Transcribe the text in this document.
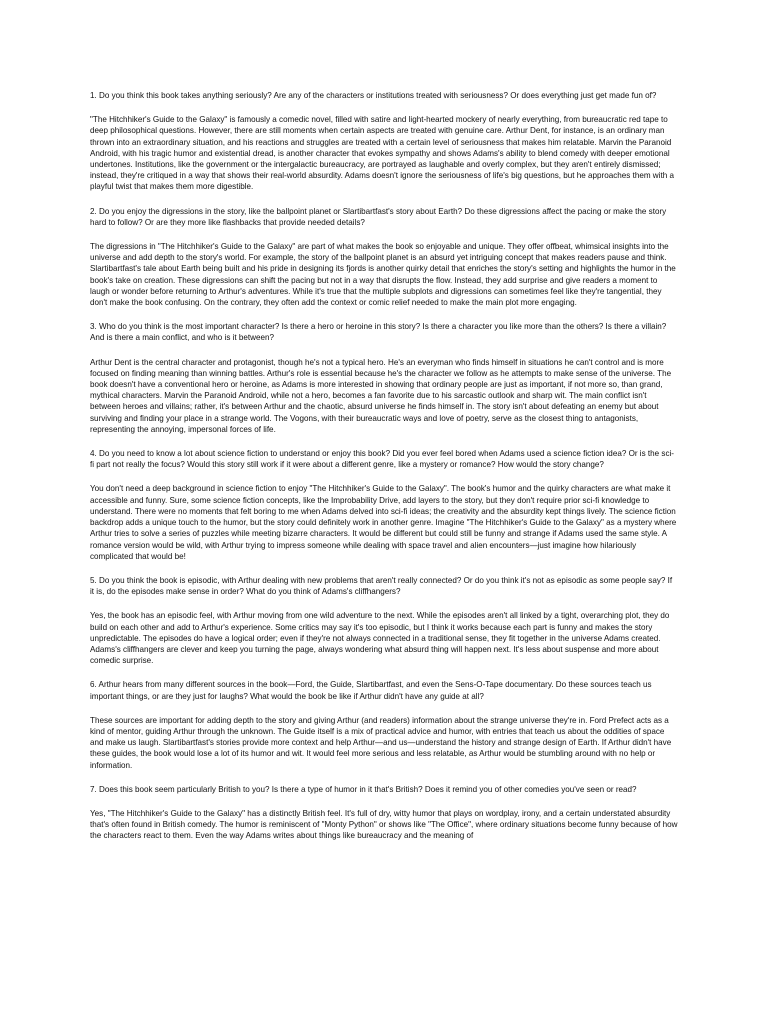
1. Do you think this book takes anything seriously? Are any of the characters or institutions treated with seriousness? Or does everything just get made fun of?

"The Hitchhiker's Guide to the Galaxy" is famously a comedic novel, filled with satire and light-hearted mockery of nearly everything, from bureaucratic red tape to deep philosophical questions. However, there are still moments when certain aspects are treated with genuine care. Arthur Dent, for instance, is an ordinary man thrown into an extraordinary situation, and his reactions and struggles are treated with a certain level of seriousness that makes him relatable. Marvin the Paranoid Android, with his tragic humor and existential dread, is another character that evokes sympathy and shows Adams's ability to blend comedy with deeper emotional undertones. Institutions, like the government or the intergalactic bureaucracy, are portrayed as laughable and overly complex, but they aren't entirely dismissed; instead, they're critiqued in a way that shows their real-world absurdity. Adams doesn't ignore the seriousness of life's big questions, but he approaches them with a playful twist that makes them more digestible.

2. Do you enjoy the digressions in the story, like the ballpoint planet or Slartibartfast's story about Earth? Do these digressions affect the pacing or make the story hard to follow? Or are they more like flashbacks that provide needed details?

The digressions in "The Hitchhiker's Guide to the Galaxy" are part of what makes the book so enjoyable and unique. They offer offbeat, whimsical insights into the universe and add depth to the story's world. For example, the story of the ballpoint planet is an absurd yet intriguing concept that makes readers pause and think. Slartibartfast's tale about Earth being built and his pride in designing its fjords is another quirky detail that enriches the story's setting and highlights the humor in the book's take on creation. These digressions can shift the pacing but not in a way that disrupts the flow. Instead, they add surprise and give readers a moment to laugh or wonder before returning to Arthur's adventures. While it's true that the multiple subplots and digressions can sometimes feel like they're tangential, they don't make the book confusing. On the contrary, they often add the context or comic relief needed to make the main plot more engaging.

3. Who do you think is the most important character? Is there a hero or heroine in this story? Is there a character you like more than the others? Is there a villain? And is there a main conflict, and who is it between?

Arthur Dent is the central character and protagonist, though he's not a typical hero. He's an everyman who finds himself in situations he can't control and is more focused on finding meaning than winning battles. Arthur's role is essential because he's the character we follow as he attempts to make sense of the universe. The book doesn't have a conventional hero or heroine, as Adams is more interested in showing that ordinary people are just as important, if not more so, than grand, mythical characters. Marvin the Paranoid Android, while not a hero, becomes a fan favorite due to his sarcastic outlook and sharp wit. The main conflict isn't between heroes and villains; rather, it's between Arthur and the chaotic, absurd universe he finds himself in. The story isn't about defeating an enemy but about surviving and finding your place in a strange world. The Vogons, with their bureaucratic ways and love of poetry, serve as the closest thing to antagonists, representing the annoying, impersonal forces of life.

4. Do you need to know a lot about science fiction to understand or enjoy this book? Did you ever feel bored when Adams used a science fiction idea? Or is the sci-fi part not really the focus? Would this story still work if it were about a different genre, like a mystery or romance? How would the story change?

You don't need a deep background in science fiction to enjoy "The Hitchhiker's Guide to the Galaxy". The book's humor and the quirky characters are what make it accessible and funny. Sure, some science fiction concepts, like the Improbability Drive, add layers to the story, but they don't require prior sci-fi knowledge to understand. There were no moments that felt boring to me when Adams delved into sci-fi ideas; the creativity and the absurdity kept things lively. The science fiction backdrop adds a unique touch to the humor, but the story could definitely work in another genre. Imagine "The Hitchhiker's Guide to the Galaxy" as a mystery where Arthur tries to solve a series of puzzles while meeting bizarre characters. It would be different but could still be funny and strange if Adams used the same style. A romance version would be wild, with Arthur trying to impress someone while dealing with space travel and alien encounters—just imagine how hilariously complicated that would be!

5. Do you think the book is episodic, with Arthur dealing with new problems that aren't really connected? Or do you think it's not as episodic as some people say? If it is, do the episodes make sense in order? What do you think of Adams's cliffhangers?

Yes, the book has an episodic feel, with Arthur moving from one wild adventure to the next. While the episodes aren't all linked by a tight, overarching plot, they do build on each other and add to Arthur's experience. Some critics may say it's too episodic, but I think it works because each part is funny and makes the story unpredictable. The episodes do have a logical order; even if they're not always connected in a traditional sense, they fit together in the universe Adams created. Adams's cliffhangers are clever and keep you turning the page, always wondering what absurd thing will happen next. It's less about suspense and more about comedic surprise.

6. Arthur hears from many different sources in the book—Ford, the Guide, Slartibartfast, and even the Sens-O-Tape documentary. Do these sources teach us important things, or are they just for laughs? What would the book be like if Arthur didn't have any guide at all?

These sources are important for adding depth to the story and giving Arthur (and readers) information about the strange universe they're in. Ford Prefect acts as a kind of mentor, guiding Arthur through the unknown. The Guide itself is a mix of practical advice and humor, with entries that teach us about the oddities of space and make us laugh. Slartibartfast's stories provide more context and help Arthur—and us—understand the history and strange design of Earth. If Arthur didn't have these guides, the book would lose a lot of its humor and wit. It would feel more serious and less relatable, as Arthur would be stumbling around with no help or information.

7. Does this book seem particularly British to you? Is there a type of humor in it that's British? Does it remind you of other comedies you've seen or read?

Yes, "The Hitchhiker's Guide to the Galaxy" has a distinctly British feel. It's full of dry, witty humor that plays on wordplay, irony, and a certain understated absurdity that's often found in British comedy. The humor is reminiscent of "Monty Python" or shows like "The Office", where ordinary situations become funny because of how the characters react to them. Even the way Adams writes about things like bureaucracy and the meaning of
